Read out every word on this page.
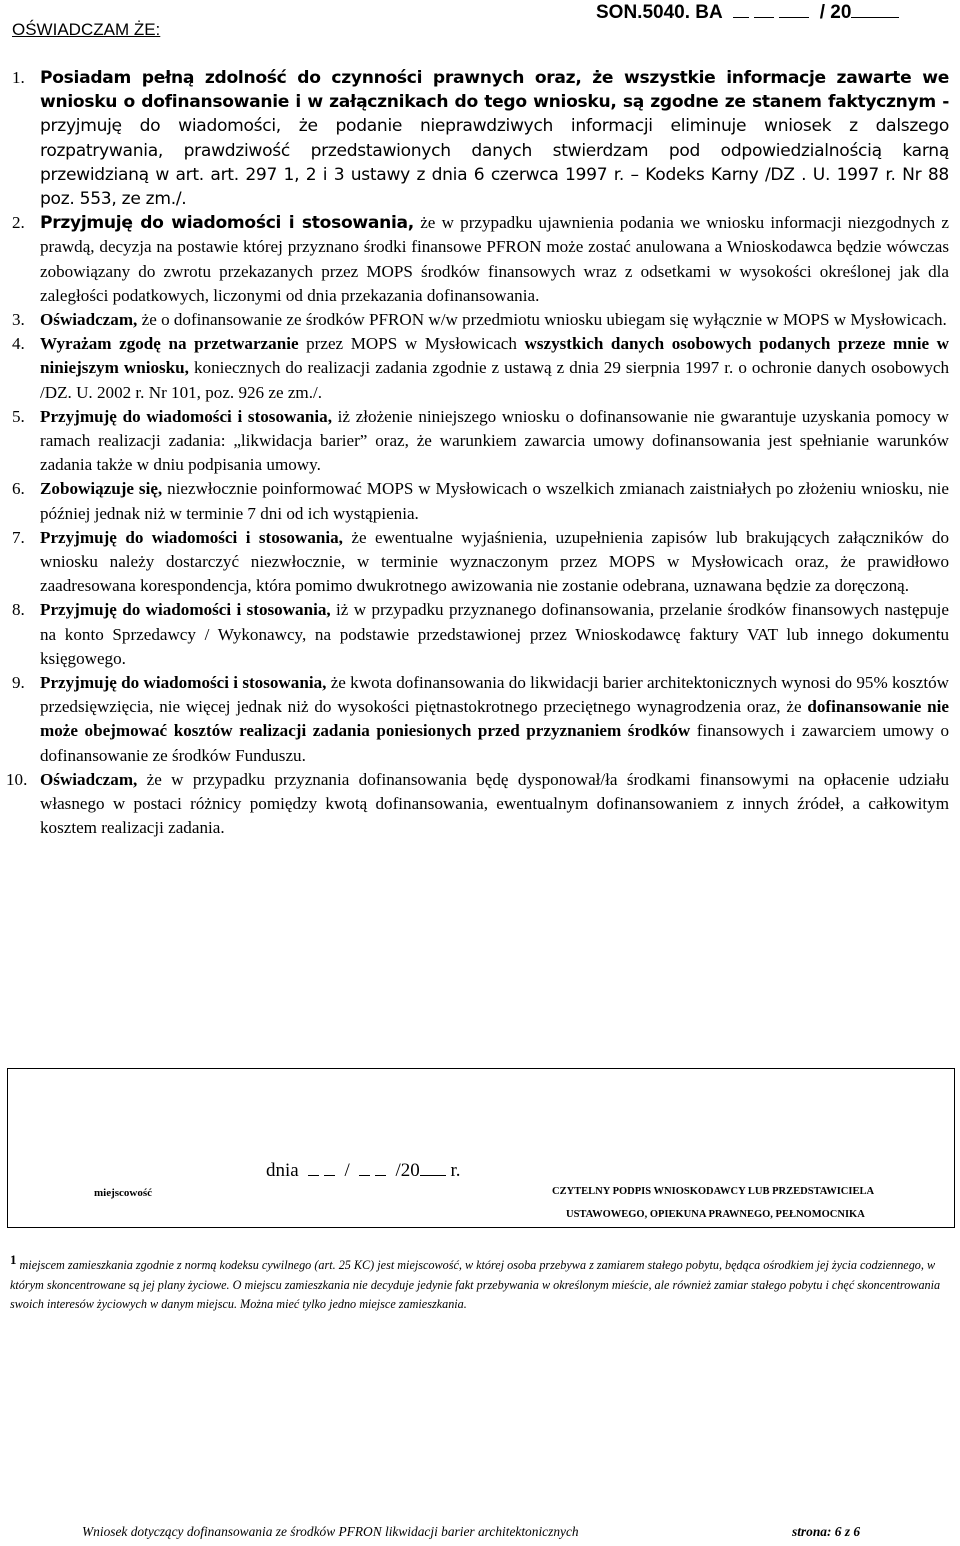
OŚWIADCZAM ŻE:
SON.5040. BA	/ 20
1. Posiadam pełną zdolność do czynności prawnych oraz, że wszystkie informacje zawarte we wniosku o dofinansowanie i w załącznikach do tego wniosku, są zgodne ze stanem faktycznym - przyjmuję do wiadomości, że podanie nieprawdziwych informacji eliminuje wniosek z dalszego rozpatrywania, prawdziwość przedstawionych danych stwierdzam pod odpowiedzialnością karną przewidzianą w art. art. 297 1, 2 i 3 ustawy z dnia 6 czerwca 1997 r. – Kodeks Karny /DZ . U. 1997 r. Nr 88 poz. 553, ze zm./.
2. Przyjmuję do wiadomości i stosowania, że w przypadku ujawnienia podania we wniosku informacji niezgodnych z prawdą, decyzja na postawie której przyznano środki finansowe PFRON może zostać anulowana a Wnioskodawca będzie wówczas zobowiązany do zwrotu przekazanych przez MOPS środków finansowych wraz z odsetkami w wysokości określonej jak dla zaległości podatkowych, liczonymi od dnia przekazania dofinansowania.
3. Oświadczam, że o dofinansowanie ze środków PFRON w/w przedmiotu wniosku ubiegam się wyłącznie w MOPS w Mysłowicach.
4. Wyrażam zgodę na przetwarzanie przez MOPS w Mysłowicach wszystkich danych osobowych podanych przeze mnie w niniejszym wniosku, koniecznych do realizacji zadania zgodnie z ustawą z dnia 29 sierpnia 1997 r. o ochronie danych osobowych /DZ. U. 2002 r. Nr 101, poz. 926 ze zm./.
5. Przyjmuję do wiadomości i stosowania, iż złożenie niniejszego wniosku o dofinansowanie nie gwarantuje uzyskania pomocy w ramach realizacji zadania: „likwidacja barier” oraz, że warunkiem zawarcia umowy dofinansowania jest spełnianie warunków zadania także w dniu podpisania umowy.
6. Zobowiązuje się, niezwłocznie poinformować MOPS w Mysłowicach o wszelkich zmianach zaistniałych po złożeniu wniosku, nie później jednak niż w terminie 7 dni od ich wystąpienia.
7. Przyjmuję do wiadomości i stosowania, że ewentualne wyjaśnienia, uzupełnienia zapisów lub brakujących załączników do wniosku należy dostarczyć niezwłocznie, w terminie wyznaczonym przez MOPS w Mysłowicach oraz, że prawidłowo zaadresowana korespondencja, która pomimo dwukrotnego awizowania nie zostanie odebrana, uznawana będzie za doręczoną.
8. Przyjmuję do wiadomości i stosowania, iż w przypadku przyznanego dofinansowania, przelanie środków finansowych następuje na konto Sprzedawcy / Wykonawcy, na podstawie przedstawionej przez Wnioskodawcę faktury VAT lub innego dokumentu księgowego.
9. Przyjmuję do wiadomości i stosowania, że kwota dofinansowania do likwidacji barier architektonicznych wynosi do 95% kosztów przedsięwzięcia, nie więcej jednak niż do wysokości piętnastokrotnego przeciętnego wynagrodzenia oraz, że dofinansowanie nie może obejmować kosztów realizacji zadania poniesionych przed przyznaniem środków finansowych i zawarciem umowy o dofinansowanie ze środków Funduszu.
10. Oświadczam, że w przypadku przyznania dofinansowania będę dysponował/ła środkami finansowymi na opłacenie udziału własnego w postaci różnicy pomiędzy kwotą dofinansowania, ewentualnym dofinansowaniem z innych źródeł, a całkowitym kosztem realizacji zadania.
miejscowość
dnia / /20 r.
CZYTELNY PODPIS WNIOSKODAWCY LUB PRZEDSTAWICIELA
USTAWOWEGO, OPIEKUNA PRAWNEGO, PEŁNOMOCNIKA
1 miejscem zamieszkania zgodnie z normą kodeksu cywilnego (art. 25 KC) jest miejscowość, w której osoba przebywa z zamiarem stałego pobytu, będąca ośrodkiem jej życia codziennego, w którym skoncentrowane są jej plany życiowe. O miejscu zamieszkania nie decyduje jedynie fakt przebywania w określonym mieście, ale również zamiar stałego pobytu i chęć skoncentrowania swoich interesów życiowych w danym miejscu. Można mieć tylko jedno miejsce zamieszkania.
Wniosek dotyczący dofinansowania ze środków PFRON likwidacji barier architektonicznych	strona: 6 z 6
